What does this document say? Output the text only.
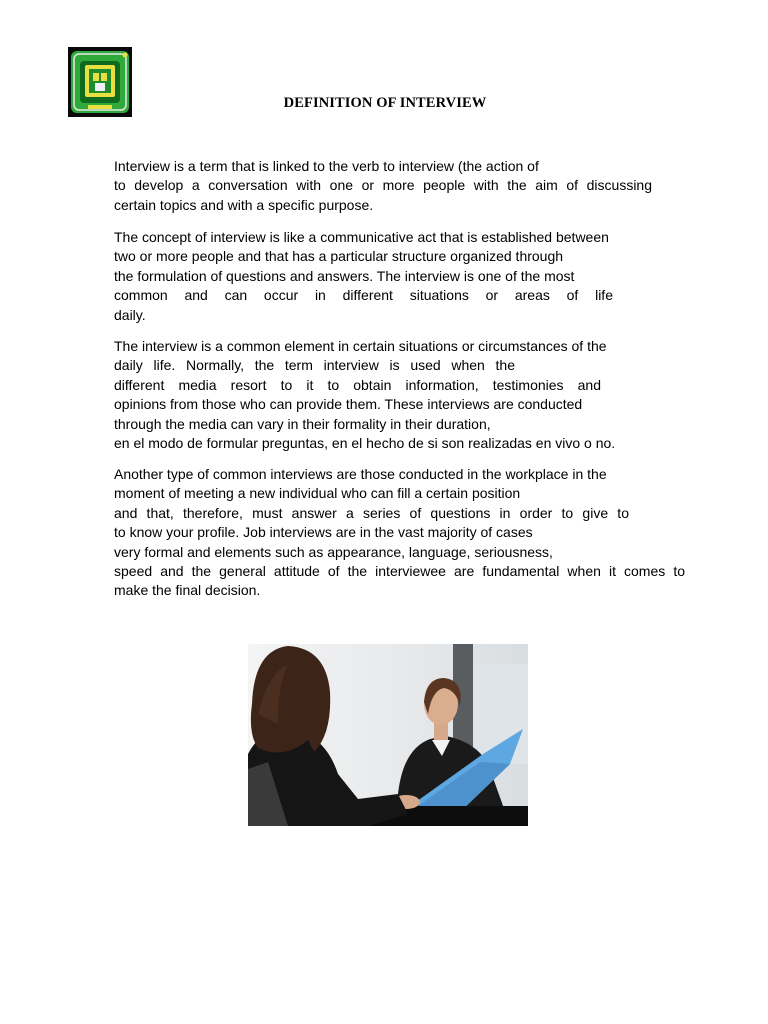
DEFINITION OF INTERVIEW
Interview is a term that is linked to the verb to interview (the action of
to develop a conversation with one or more people with the aim of discussing
certain topics and with a specific purpose.
The concept of interview is like a communicative act that is established between
two or more people and that has a particular structure organized through
the formulation of questions and answers. The interview is one of the most
common and can occur in different situations or areas of life
daily.
The interview is a common element in certain situations or circumstances of the
daily life. Normally, the term interview is used when the
different media resort to it to obtain information, testimonies and
opinions from those who can provide them. These interviews are conducted
through the media can vary in their formality in their duration,
en el modo de formular preguntas, en el hecho de si son realizadas en vivo o no.
Another type of common interviews are those conducted in the workplace in the
moment of meeting a new individual who can fill a certain position
and that, therefore, must answer a series of questions in order to give to
to know your profile. Job interviews are in the vast majority of cases
very formal and elements such as appearance, language, seriousness,
speed and the general attitude of the interviewee are fundamental when it comes to
make the final decision.
